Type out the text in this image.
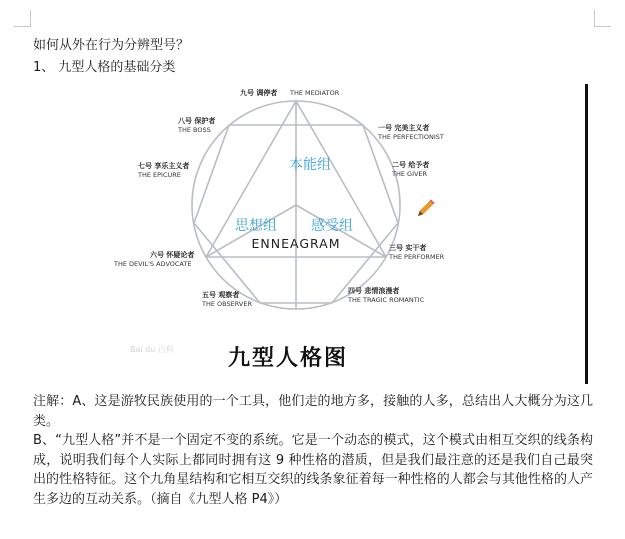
如何从外在行为分辨型号？
1、 九型人格的基础分类
本能组
思想组 感受组
ENNEAGRAM
九号 调停者 THE MEDIATOR
一号 完美主义者
THE PERFECTIONIST
二号 给予者
THE GIVER
三号 实干者
THE PERFORMER
四号 悲情浪漫者
THE TRAGIC ROMANTIC
五号 观察者
THE OBSERVER
六号 怀疑论者
THE DEVIL'S ADVOCATE
七号 享乐主义者
THE EPICURE
八号 保护者
THE BOSS
Bai du 百科 九型人格图
注解：A、这是游牧民族使用的一个工具，他们走的地方多，接触的人多，总结出人大概分为这几类。
B、“九型人格”并不是一个固定不变的系统。它是一个动态的模式，这个模式由相互交织的线条构成，说明我们每个人实际上都同时拥有这 9 种性格的潜质，但是我们最注意的还是我们自己最突出的性格特征。这个九角星结构和它相互交织的线条象征着每一种性格的人都会与其他性格的人产生多边的互动关系。（摘自《九型人格 P4》）
